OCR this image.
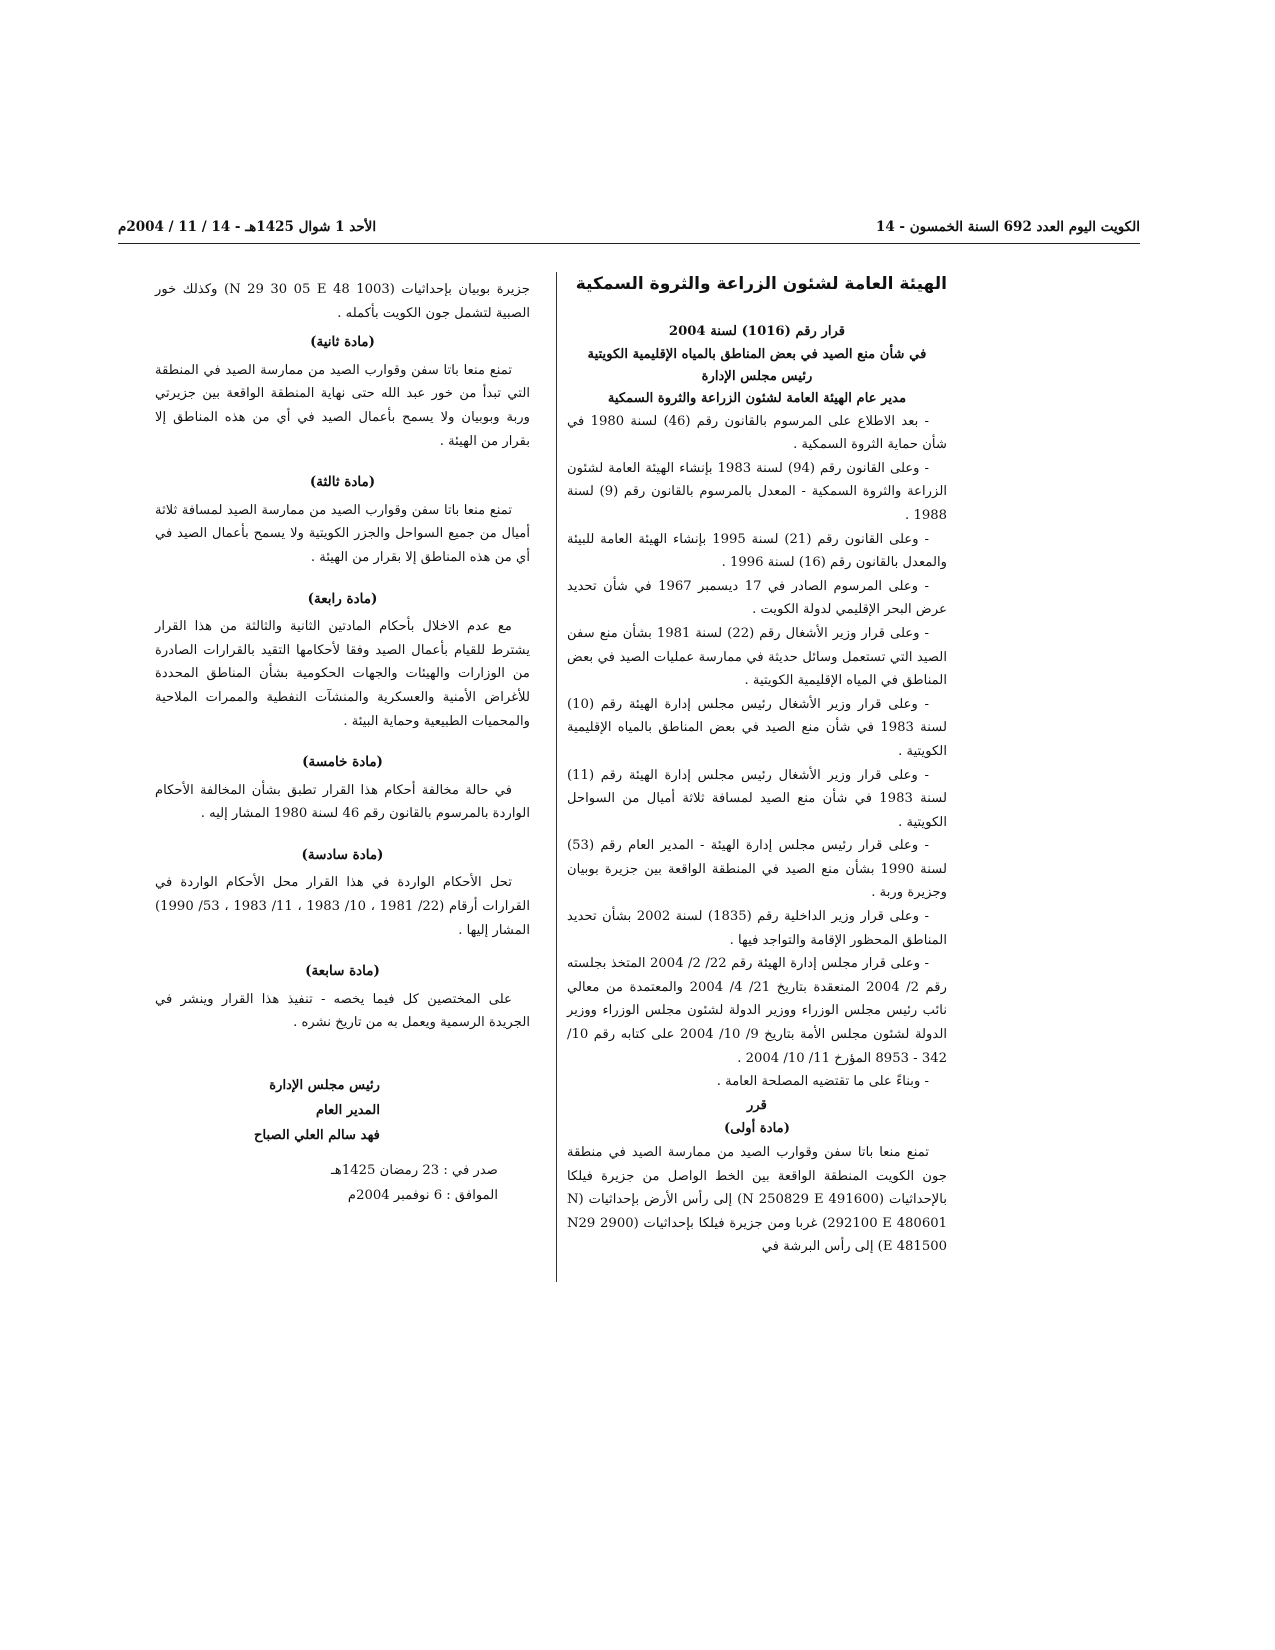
الكويت اليوم العدد 692 السنة الخمسون - 14
الأحد 1 شوال 1425هـ - 14 / 11 / 2004م

الهيئة العامة لشئون الزراعة والثروة السمكية

قرار رقم (1016) لسنة 2004

في شأن منع الصيد في بعض المناطق بالمياه الإقليمية الكويتية

رئيس مجلس الإدارة

مدير عام الهيئة العامة لشئون الزراعة والثروة السمكية

- بعد الاطلاع على المرسوم بالقانون رقم (46) لسنة 1980 في شأن حماية الثروة السمكية .

- وعلى القانون رقم (94) لسنة 1983 بإنشاء الهيئة العامة لشئون الزراعة والثروة السمكية - المعدل بالمرسوم بالقانون رقم (9) لسنة 1988 .

- وعلى القانون رقم (21) لسنة 1995 بإنشاء الهيئة العامة للبيئة والمعدل بالقانون رقم (16) لسنة 1996 .

- وعلى المرسوم الصادر في 17 ديسمبر 1967 في شأن تحديد عرض البحر الإقليمي لدولة الكويت .

- وعلى قرار وزير الأشغال رقم (22) لسنة 1981 بشأن منع سفن الصيد التي تستعمل وسائل حديثة في ممارسة عمليات الصيد في بعض المناطق في المياه الإقليمية الكويتية .

- وعلى قرار وزير الأشغال رئيس مجلس إدارة الهيئة رقم (10) لسنة 1983 في شأن منع الصيد في بعض المناطق بالمياه الإقليمية الكويتية .

- وعلى قرار وزير الأشغال رئيس مجلس إدارة الهيئة رقم (11) لسنة 1983 في شأن منع الصيد لمسافة ثلاثة أميال من السواحل الكويتية .

- وعلى قرار رئيس مجلس إدارة الهيئة - المدير العام رقم (53) لسنة 1990 بشأن منع الصيد في المنطقة الواقعة بين جزيرة بوبيان وجزيرة وربة .

- وعلى قرار وزير الداخلية رقم (1835) لسنة 2002 بشأن تحديد المناطق المحظور الإقامة والتواجد فيها .

- وعلى قرار مجلس إدارة الهيئة رقم 22/ 2/ 2004 المتخذ بجلسته رقم 2/ 2004 المنعقدة بتاريخ 21/ 4/ 2004 والمعتمدة من معالي نائب رئيس مجلس الوزراء ووزير الدولة لشئون مجلس الوزراء ووزير الدولة لشئون مجلس الأمة بتاريخ 9/ 10/ 2004 على كتابه رقم 10/ 342 - 8953 المؤرخ 11/ 10/ 2004 .

- وبناءً على ما تقتضيه المصلحة العامة .

قرر

(مادة أولى)

تمنع منعا باتا سفن وقوارب الصيد من ممارسة الصيد في منطقة جون الكويت المنطقة الواقعة بين الخط الواصل من جزيرة فيلكا بالإحداثيات (N 250829 E 491600) إلى رأس الأرض بإحداثيات (N 292100 E 480601) غربا ومن جزيرة فيلكا بإحداثيات (N29 2900 E 481500) إلى رأس البرشة في

جزيرة بوبيان بإحداثيات (N 29 30 05 E 48 1003) وكذلك خور الصبية لتشمل جون الكويت بأكمله .

(مادة ثانية)

تمنع منعا باتا سفن وقوارب الصيد من ممارسة الصيد في المنطقة التي تبدأ من خور عبد الله حتى نهاية المنطقة الواقعة بين جزيرتي وربة وبوبيان ولا يسمح بأعمال الصيد في أي من هذه المناطق إلا بقرار من الهيئة .

(مادة ثالثة)

تمنع منعا باتا سفن وقوارب الصيد من ممارسة الصيد لمسافة ثلاثة أميال من جميع السواحل والجزر الكويتية ولا يسمح بأعمال الصيد في أي من هذه المناطق إلا بقرار من الهيئة .

(مادة رابعة)

مع عدم الاخلال بأحكام المادتين الثانية والثالثة من هذا القرار يشترط للقيام بأعمال الصيد وفقا لأحكامها التقيد بالقرارات الصادرة من الوزارات والهيئات والجهات الحكومية بشأن المناطق المحددة للأغراض الأمنية والعسكرية والمنشآت النفطية والممرات الملاحية والمحميات الطبيعية وحماية البيئة .

(مادة خامسة)

في حالة مخالفة أحكام هذا القرار تطبق بشأن المخالفة الأحكام الواردة بالمرسوم بالقانون رقم 46 لسنة 1980 المشار إليه .

(مادة سادسة)

تحل الأحكام الواردة في هذا القرار محل الأحكام الواردة في القرارات أرقام (22/ 1981 ، 10/ 1983 ، 11/ 1983 ، 53/ 1990) المشار إليها .

(مادة سابعة)

على المختصين كل فيما يخصه - تنفيذ هذا القرار وينشر في الجريدة الرسمية ويعمل به من تاريخ نشره .

رئيس مجلس الإدارة
المدير العام
فهد سالم العلي الصباح
صدر في : 23 رمضان 1425هـ
الموافق : 6 نوفمبر 2004م
